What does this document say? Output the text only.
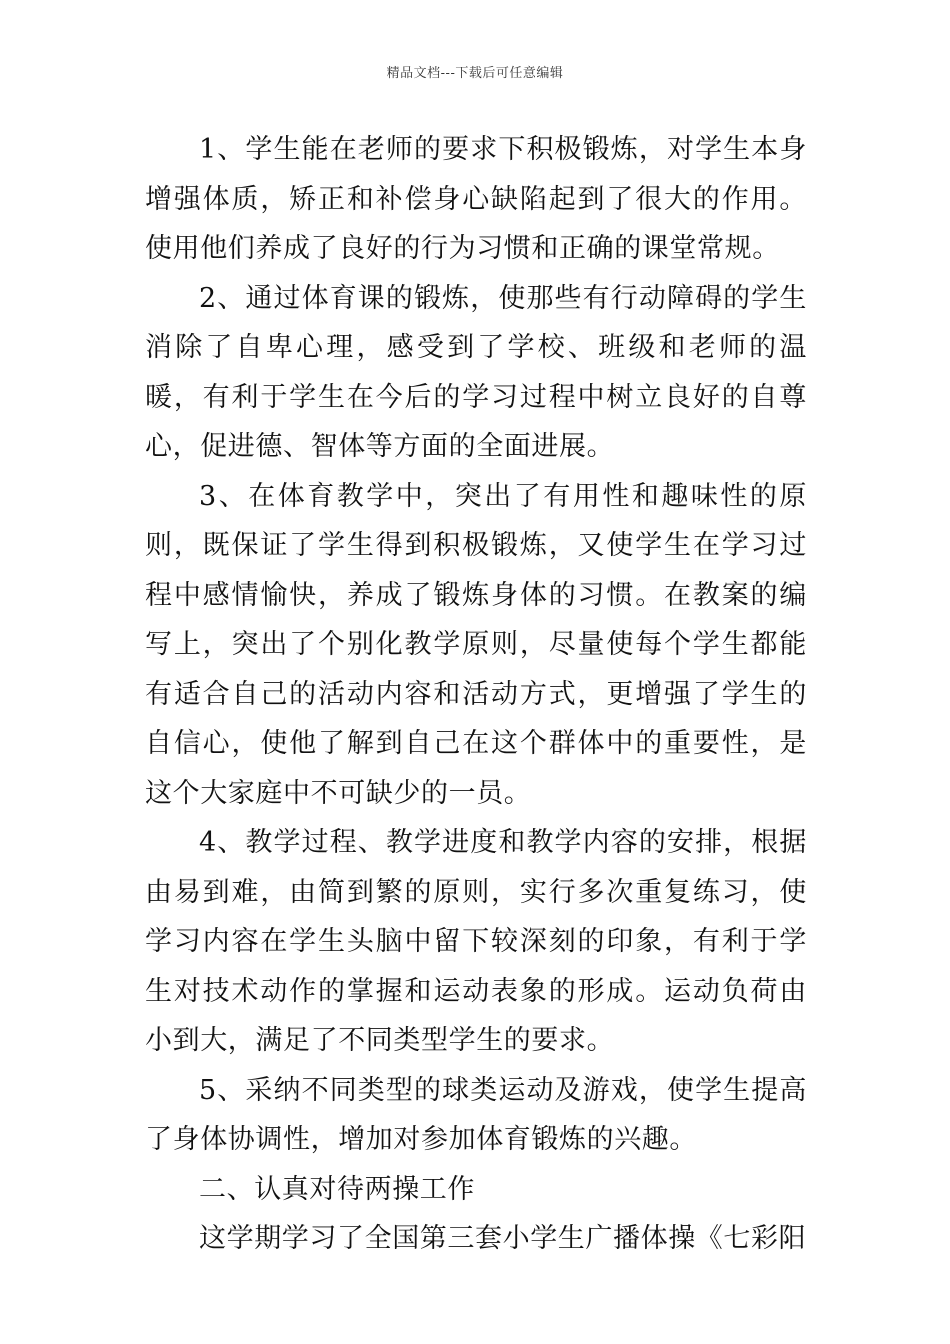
精品文档---下载后可任意编辑

1、学生能在老师的要求下积极锻炼，对学生本身增强体质，矫正和补偿身心缺陷起到了很大的作用。使用他们养成了良好的行为习惯和正确的课堂常规。

2、通过体育课的锻炼，使那些有行动障碍的学生消除了自卑心理，感受到了学校、班级和老师的温暖，有利于学生在今后的学习过程中树立良好的自尊心，促进德、智体等方面的全面进展。

3、在体育教学中，突出了有用性和趣味性的原则，既保证了学生得到积极锻炼，又使学生在学习过程中感情愉快，养成了锻炼身体的习惯。在教案的编写上，突出了个别化教学原则，尽量使每个学生都能有适合自己的活动内容和活动方式，更增强了学生的自信心，使他了解到自己在这个群体中的重要性，是这个大家庭中不可缺少的一员。

4、教学过程、教学进度和教学内容的安排，根据由易到难，由简到繁的原则，实行多次重复练习，使学习内容在学生头脑中留下较深刻的印象，有利于学生对技术动作的掌握和运动表象的形成。运动负荷由小到大，满足了不同类型学生的要求。

5、采纳不同类型的球类运动及游戏，使学生提高了身体协调性，增加对参加体育锻炼的兴趣。

二、认真对待两操工作

这学期学习了全国第三套小学生广播体操《七彩阳
